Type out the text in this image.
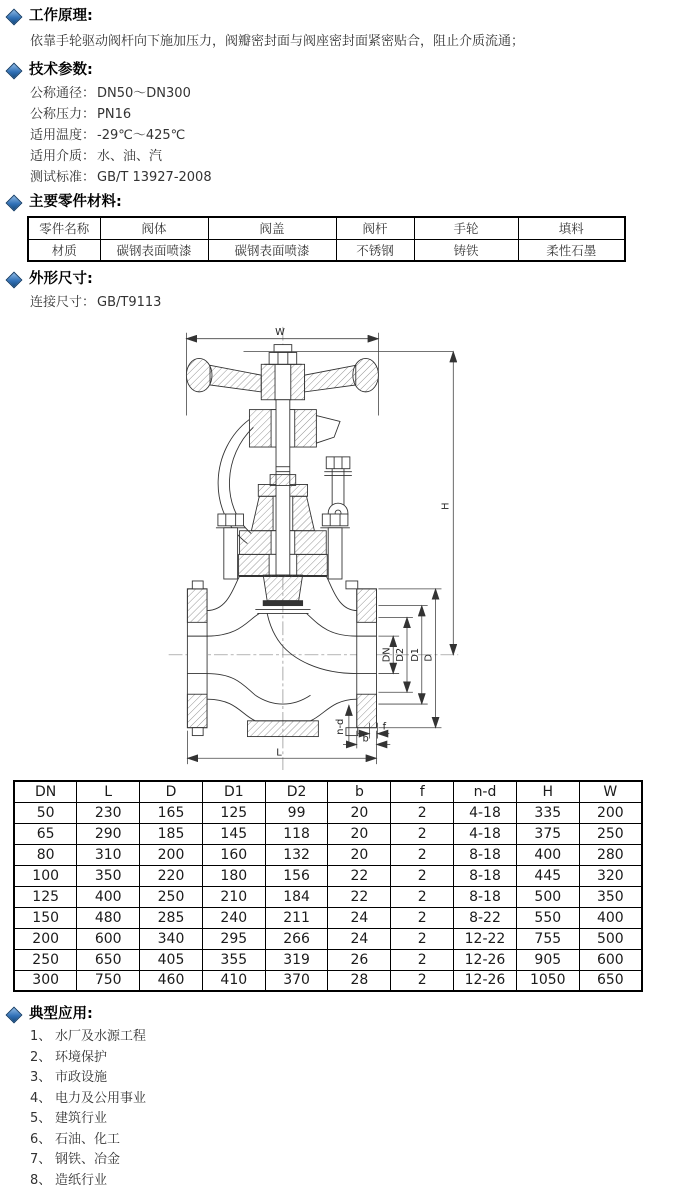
工作原理:

依靠手轮驱动阀杆向下施加压力，阀瓣密封面与阀座密封面紧密贴合，阻止介质流通；

技术参数:
公称通径： DN50～DN300
公称压力： PN16
适用温度： -29℃～425℃
适用介质： 水、油、汽
测试标准： GB/T 13927-2008
主要零件材料:
零件名称	阀体	阀盖	阀杆	手轮	填料
材质	碳钢表面喷漆	碳钢表面喷漆	不锈钢	铸铁	柔性石墨
外形尺寸:
连接尺寸： GB/T9113
W
H
L
DN D2 D1 D
n-d	f
b
DN	L	D	D1	D2	b	f	n-d	H	W
50	230	165	125	99	20	2	4-18	335	200
65	290	185	145	118	20	2	4-18	375	250
80	310	200	160	132	20	2	8-18	400	280
100	350	220	180	156	22	2	8-18	445	320
125	400	250	210	184	22	2	8-18	500	350
150	480	285	240	211	24	2	8-22	550	400
200	600	340	295	266	24	2	12-22	755	500
250	650	405	355	319	26	2	12-26	905	600
300	750	460	410	370	28	2	12-26	1050	650
典型应用:
1、 水厂及水源工程
2、 环境保护
3、 市政设施
4、 电力及公用事业
5、 建筑行业
6、 石油、化工
7、 钢铁、冶金
8、 造纸行业
